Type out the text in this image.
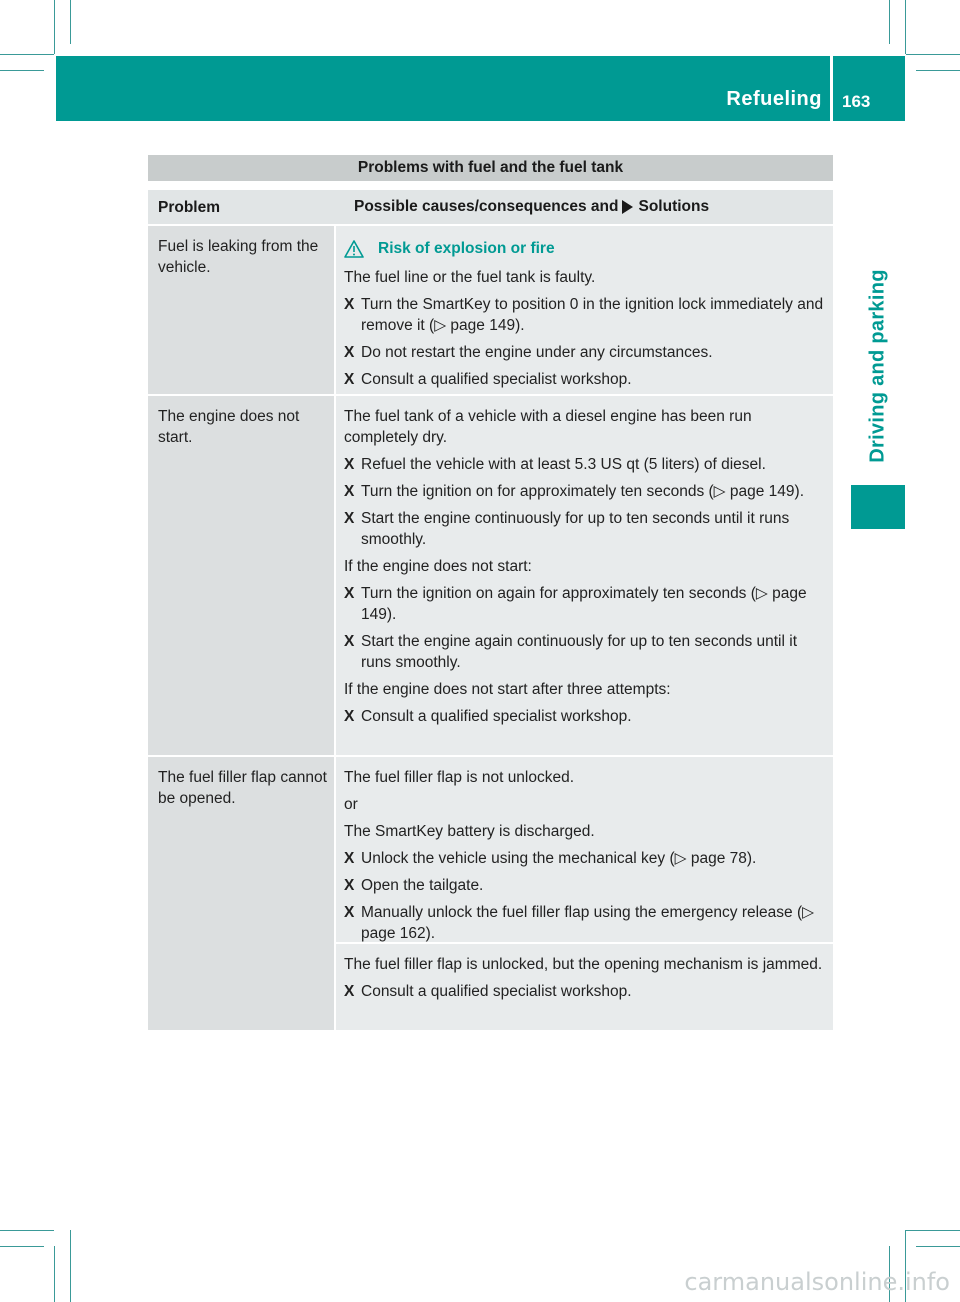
Refueling 163
Driving and parking
Problems with fuel and the fuel tank
Problem	Possible causes/consequences and Solutions
Fuel is leaking from the vehicle.
Risk of explosion or fire

The fuel line or the fuel tank is faulty.

X Turn the SmartKey to position 0 in the ignition lock immediately and remove it (▷ page 149).
X Do not restart the engine under any circumstances.
X Consult a qualified specialist workshop.
The engine does not start.

The fuel tank of a vehicle with a diesel engine has been run completely dry.

X Refuel the vehicle with at least 5.3 US qt (5 liters) of diesel.
X Turn the ignition on for approximately ten seconds (▷ page 149).
X Start the engine continuously for up to ten seconds until it runs smoothly.

If the engine does not start:

X Turn the ignition on again for approximately ten seconds (▷ page 149).
X Start the engine again continuously for up to ten seconds until it runs smoothly.

If the engine does not start after three attempts:

X Consult a qualified specialist workshop.
The fuel filler flap cannot be opened.

The fuel filler flap is not unlocked.

or

The SmartKey battery is discharged.

X Unlock the vehicle using the mechanical key (▷ page 78).
X Open the tailgate.
X Manually unlock the fuel filler flap using the emergency release (▷ page 162).

The fuel filler flap is unlocked, but the opening mechanism is jammed.

X Consult a qualified specialist workshop.
carmanualsonline.info
